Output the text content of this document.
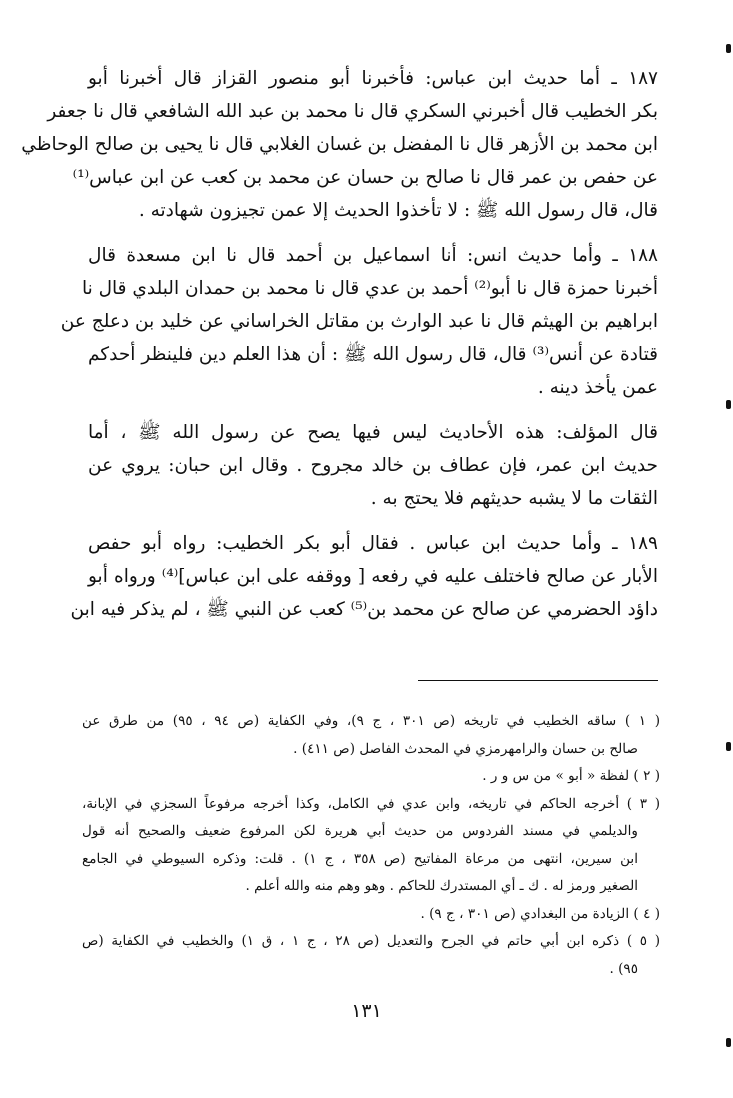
١٨٧ ـ أما حديث ابن عباس: فأخبرنا أبو منصور القزاز قال أخبرنا أبو
بكر الخطيب قال أخبرني السكري قال نا محمد بن عبد الله الشافعي قال نا جعفر
ابن محمد بن الأزهر قال نا المفضل بن غسان الغلابي قال نا يحيى بن صالح الوحاظي
عن حفص بن عمر قال نا صالح بن حسان عن محمد بن كعب عن ابن عباس⁽¹⁾
قال، قال رسول الله ﷺ : لا تأخذوا الحديث إلا عمن تجيزون شهادته .
١٨٨ ـ وأما حديث انس: أنا اسماعيل بن أحمد قال نا ابن مسعدة قال
أخبرنا حمزة قال نا أبو⁽²⁾ أحمد بن عدي قال نا محمد بن حمدان البلدي قال نا
ابراهيم بن الهيثم قال نا عبد الوارث بن مقاتل الخراساني عن خليد بن دعلج عن
قتادة عن أنس⁽³⁾ قال، قال رسول الله ﷺ : أن هذا العلم دين فلينظر أحدكم
عمن يأخذ دينه .
قال المؤلف: هذه الأحاديث ليس فيها يصح عن رسول الله ﷺ ، أما
حديث ابن عمر، فإن عطاف بن خالد مجروح . وقال ابن حبان: يروي عن
الثقات ما لا يشبه حديثهم فلا يحتج به .
١٨٩ ـ وأما حديث ابن عباس . فقال أبو بكر الخطيب: رواه أبو حفص
الأبار عن صالح فاختلف عليه في رفعه [ ووقفه على ابن عباس]⁽⁴⁾ ورواه أبو
داؤد الحضرمي عن صالح عن محمد بن⁽⁵⁾ كعب عن النبي ﷺ ، لم يذكر فيه ابن
( ١ ) ساقه الخطيب في تاريخه (ص ٣٠١ ، ج ٩)، وفي الكفاية (ص ٩٤ ، ٩٥) من طرق عن
صالح بن حسان والرامهرمزي في المحدث الفاصل (ص ٤١١) .
( ٢ ) لفظة « أبو » من س و ر .
( ٣ ) أخرجه الحاكم في تاريخه، وابن عدي في الكامل، وكذا أخرجه مرفوعاً السجزي في الإبانة،
والديلمي في مسند الفردوس من حديث أبي هريرة لكن المرفوع ضعيف والصحيح أنه قول
ابن سيرين، انتهى من مرعاة المفاتيح (ص ٣٥٨ ، ج ١) . قلت: وذكره السيوطي في الجامع
الصغير ورمز له . ك ـ أي المستدرك للحاكم . وهو وهم منه والله أعلم .
( ٤ ) الزيادة من البغدادي (ص ٣٠١ ، ج ٩) .
( ٥ ) ذكره ابن أبي حاتم في الجرح والتعديل (ص ٢٨ ، ج ١ ، ق ١) والخطيب في الكفاية (ص
٩٥) .
١٣١
